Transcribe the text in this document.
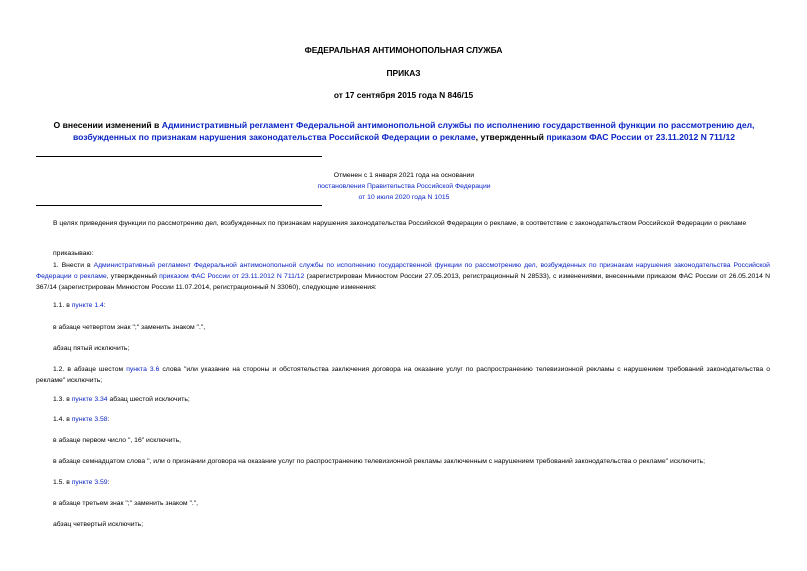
ФЕДЕРАЛЬНАЯ АНТИМОНОПОЛЬНАЯ СЛУЖБА
ПРИКАЗ
от 17 сентября 2015 года N 846/15
О внесении изменений в Административный регламент Федеральной антимонопольной службы по исполнению государственной функции по рассмотрению дел, возбужденных по признакам нарушения законодательства Российской Федерации о рекламе, утвержденный приказом ФАС России от 23.11.2012 N 711/12
Отменен с 1 января 2021 года на основании
постановления Правительства Российской Федерации
от 10 июля 2020 года N 1015
В целях приведения функции по рассмотрению дел, возбужденных по признакам нарушения законодательства Российской Федерации о рекламе, в соответствие с законодательством Российской Федерации о рекламе
приказываю:
1. Внести в Административный регламент Федеральной антимонопольной службы по исполнению государственной функции по рассмотрению дел, возбужденных по признакам нарушения законодательства Российской Федерации о рекламе, утвержденный приказом ФАС России от 23.11.2012 N 711/12 (зарегистрирован Минюстом России 27.05.2013, регистрационный N 28533), с изменениями, внесенными приказом ФАС России от 26.05.2014 N 367/14 (зарегистрирован Минюстом России 11.07.2014, регистрационный N 33060), следующие изменения:
1.1. в пункте 1.4:
в абзаце четвертом знак ";" заменить знаком ".",
абзац пятый исключить;
1.2. в абзаце шестом пункта 3.6 слова "или указание на стороны и обстоятельства заключения договора на оказание услуг по распространению телевизионной рекламы с нарушением требований законодательства о рекламе" исключить;
1.3. в пункте 3.34 абзац шестой исключить;
1.4. в пункте 3.58:
в абзаце первом число ", 16" исключить,
в абзаце семнадцатом слова ", или о признании договора на оказание услуг по распространению телевизионной рекламы заключенным с нарушением требований законодательства о рекламе" исключить;
1.5. в пункте 3.59:
в абзаце третьем знак ";" заменить знаком ".",
абзац четвертый исключить;
